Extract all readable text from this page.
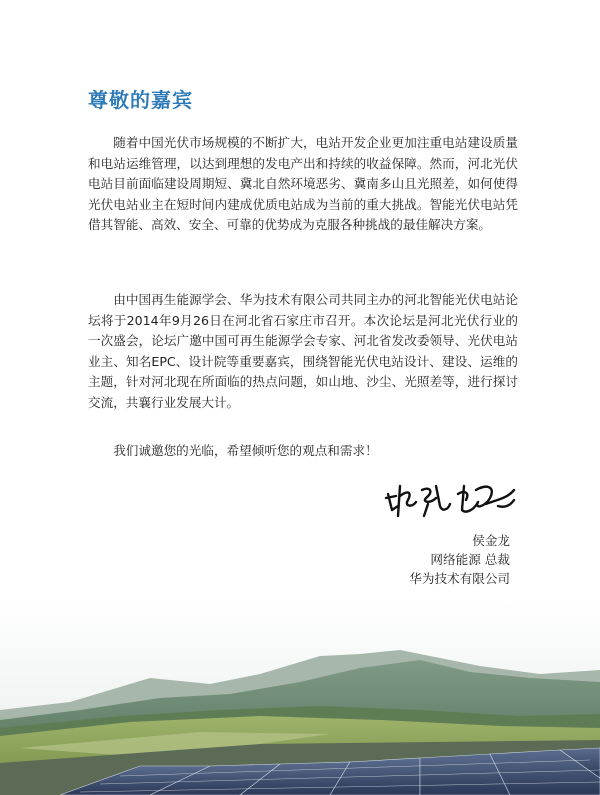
尊敬的嘉宾

随着中国光伏市场规模的不断扩大，电站开发企业更加注重电站建设质量和电站运维管理，以达到理想的发电产出和持续的收益保障。然而，河北光伏电站目前面临建设周期短、冀北自然环境恶劣、冀南多山且光照差，如何使得光伏电站业主在短时间内建成优质电站成为当前的重大挑战。智能光伏电站凭借其智能、高效、安全、可靠的优势成为克服各种挑战的最佳解决方案。

由中国再生能源学会、华为技术有限公司共同主办的河北智能光伏电站论坛将于2014年9月26日在河北省石家庄市召开。本次论坛是河北光伏行业的一次盛会，论坛广邀中国可再生能源学会专家、河北省发改委领导、光伏电站业主、知名EPC、设计院等重要嘉宾，围绕智能光伏电站设计、建设、运维的主题，针对河北现在所面临的热点问题，如山地、沙尘、光照差等，进行探讨交流，共襄行业发展大计。

我们诚邀您的光临，希望倾听您的观点和需求！

侯金龙
网络能源 总裁
华为技术有限公司
